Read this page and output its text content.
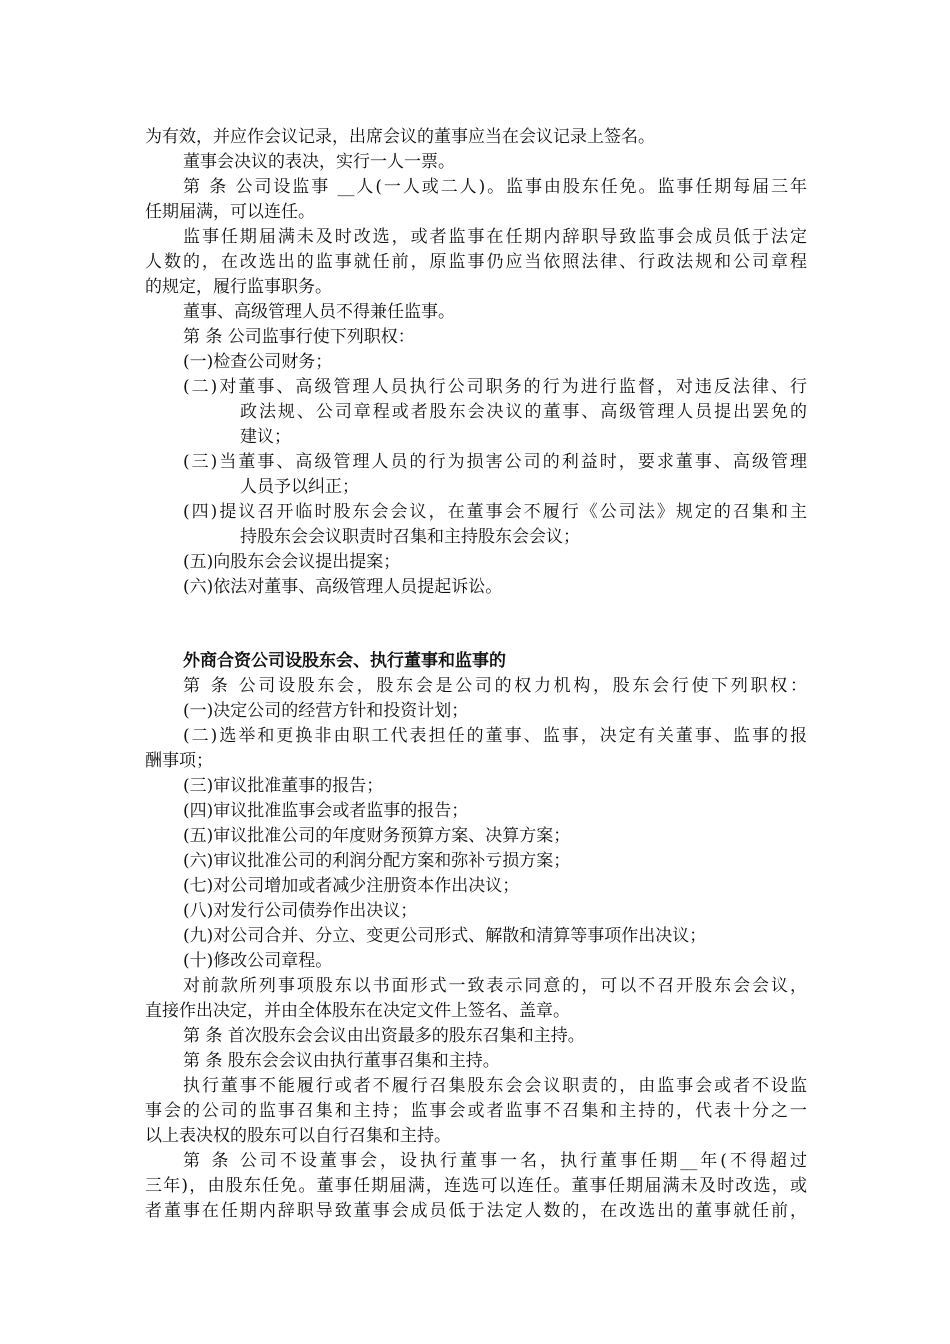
为有效，并应作会议记录，出席会议的董事应当在会议记录上签名。
董事会决议的表决，实行一人一票。
第 条 公司设监事 __人(一人或二人)。监事由股东任免。监事任期每届三年
任期届满，可以连任。
监事任期届满未及时改选，或者监事在任期内辞职导致监事会成员低于法定
人数的，在改选出的监事就任前，原监事仍应当依照法律、行政法规和公司章程
的规定，履行监事职务。
董事、高级管理人员不得兼任监事。
第 条 公司监事行使下列职权：
(一)检查公司财务；
(二)对董事、高级管理人员执行公司职务的行为进行监督，对违反法律、行
政法规、公司章程或者股东会决议的董事、高级管理人员提出罢免的
建议；
(三)当董事、高级管理人员的行为损害公司的利益时，要求董事、高级管理
人员予以纠正；
(四)提议召开临时股东会会议，在董事会不履行《公司法》规定的召集和主
持股东会会议职责时召集和主持股东会会议；
(五)向股东会会议提出提案；
(六)依法对董事、高级管理人员提起诉讼。
外商合资公司设股东会、执行董事和监事的
第 条 公司设股东会，股东会是公司的权力机构，股东会行使下列职权：
(一)决定公司的经营方针和投资计划；
(二)选举和更换非由职工代表担任的董事、监事，决定有关董事、监事的报
酬事项；
(三)审议批准董事的报告；
(四)审议批准监事会或者监事的报告；
(五)审议批准公司的年度财务预算方案、决算方案；
(六)审议批准公司的利润分配方案和弥补亏损方案；
(七)对公司增加或者减少注册资本作出决议；
(八)对发行公司债券作出决议；
(九)对公司合并、分立、变更公司形式、解散和清算等事项作出决议；
(十)修改公司章程。
对前款所列事项股东以书面形式一致表示同意的，可以不召开股东会会议，
直接作出决定，并由全体股东在决定文件上签名、盖章。
第 条 首次股东会会议由出资最多的股东召集和主持。
第 条 股东会会议由执行董事召集和主持。
执行董事不能履行或者不履行召集股东会会议职责的，由监事会或者不设监
事会的公司的监事召集和主持；监事会或者监事不召集和主持的，代表十分之一
以上表决权的股东可以自行召集和主持。
第 条 公司不设董事会，设执行董事一名，执行董事任期__年(不得超过
三年)，由股东任免。董事任期届满，连选可以连任。董事任期届满未及时改选，或
者董事在任期内辞职导致董事会成员低于法定人数的，在改选出的董事就任前，
